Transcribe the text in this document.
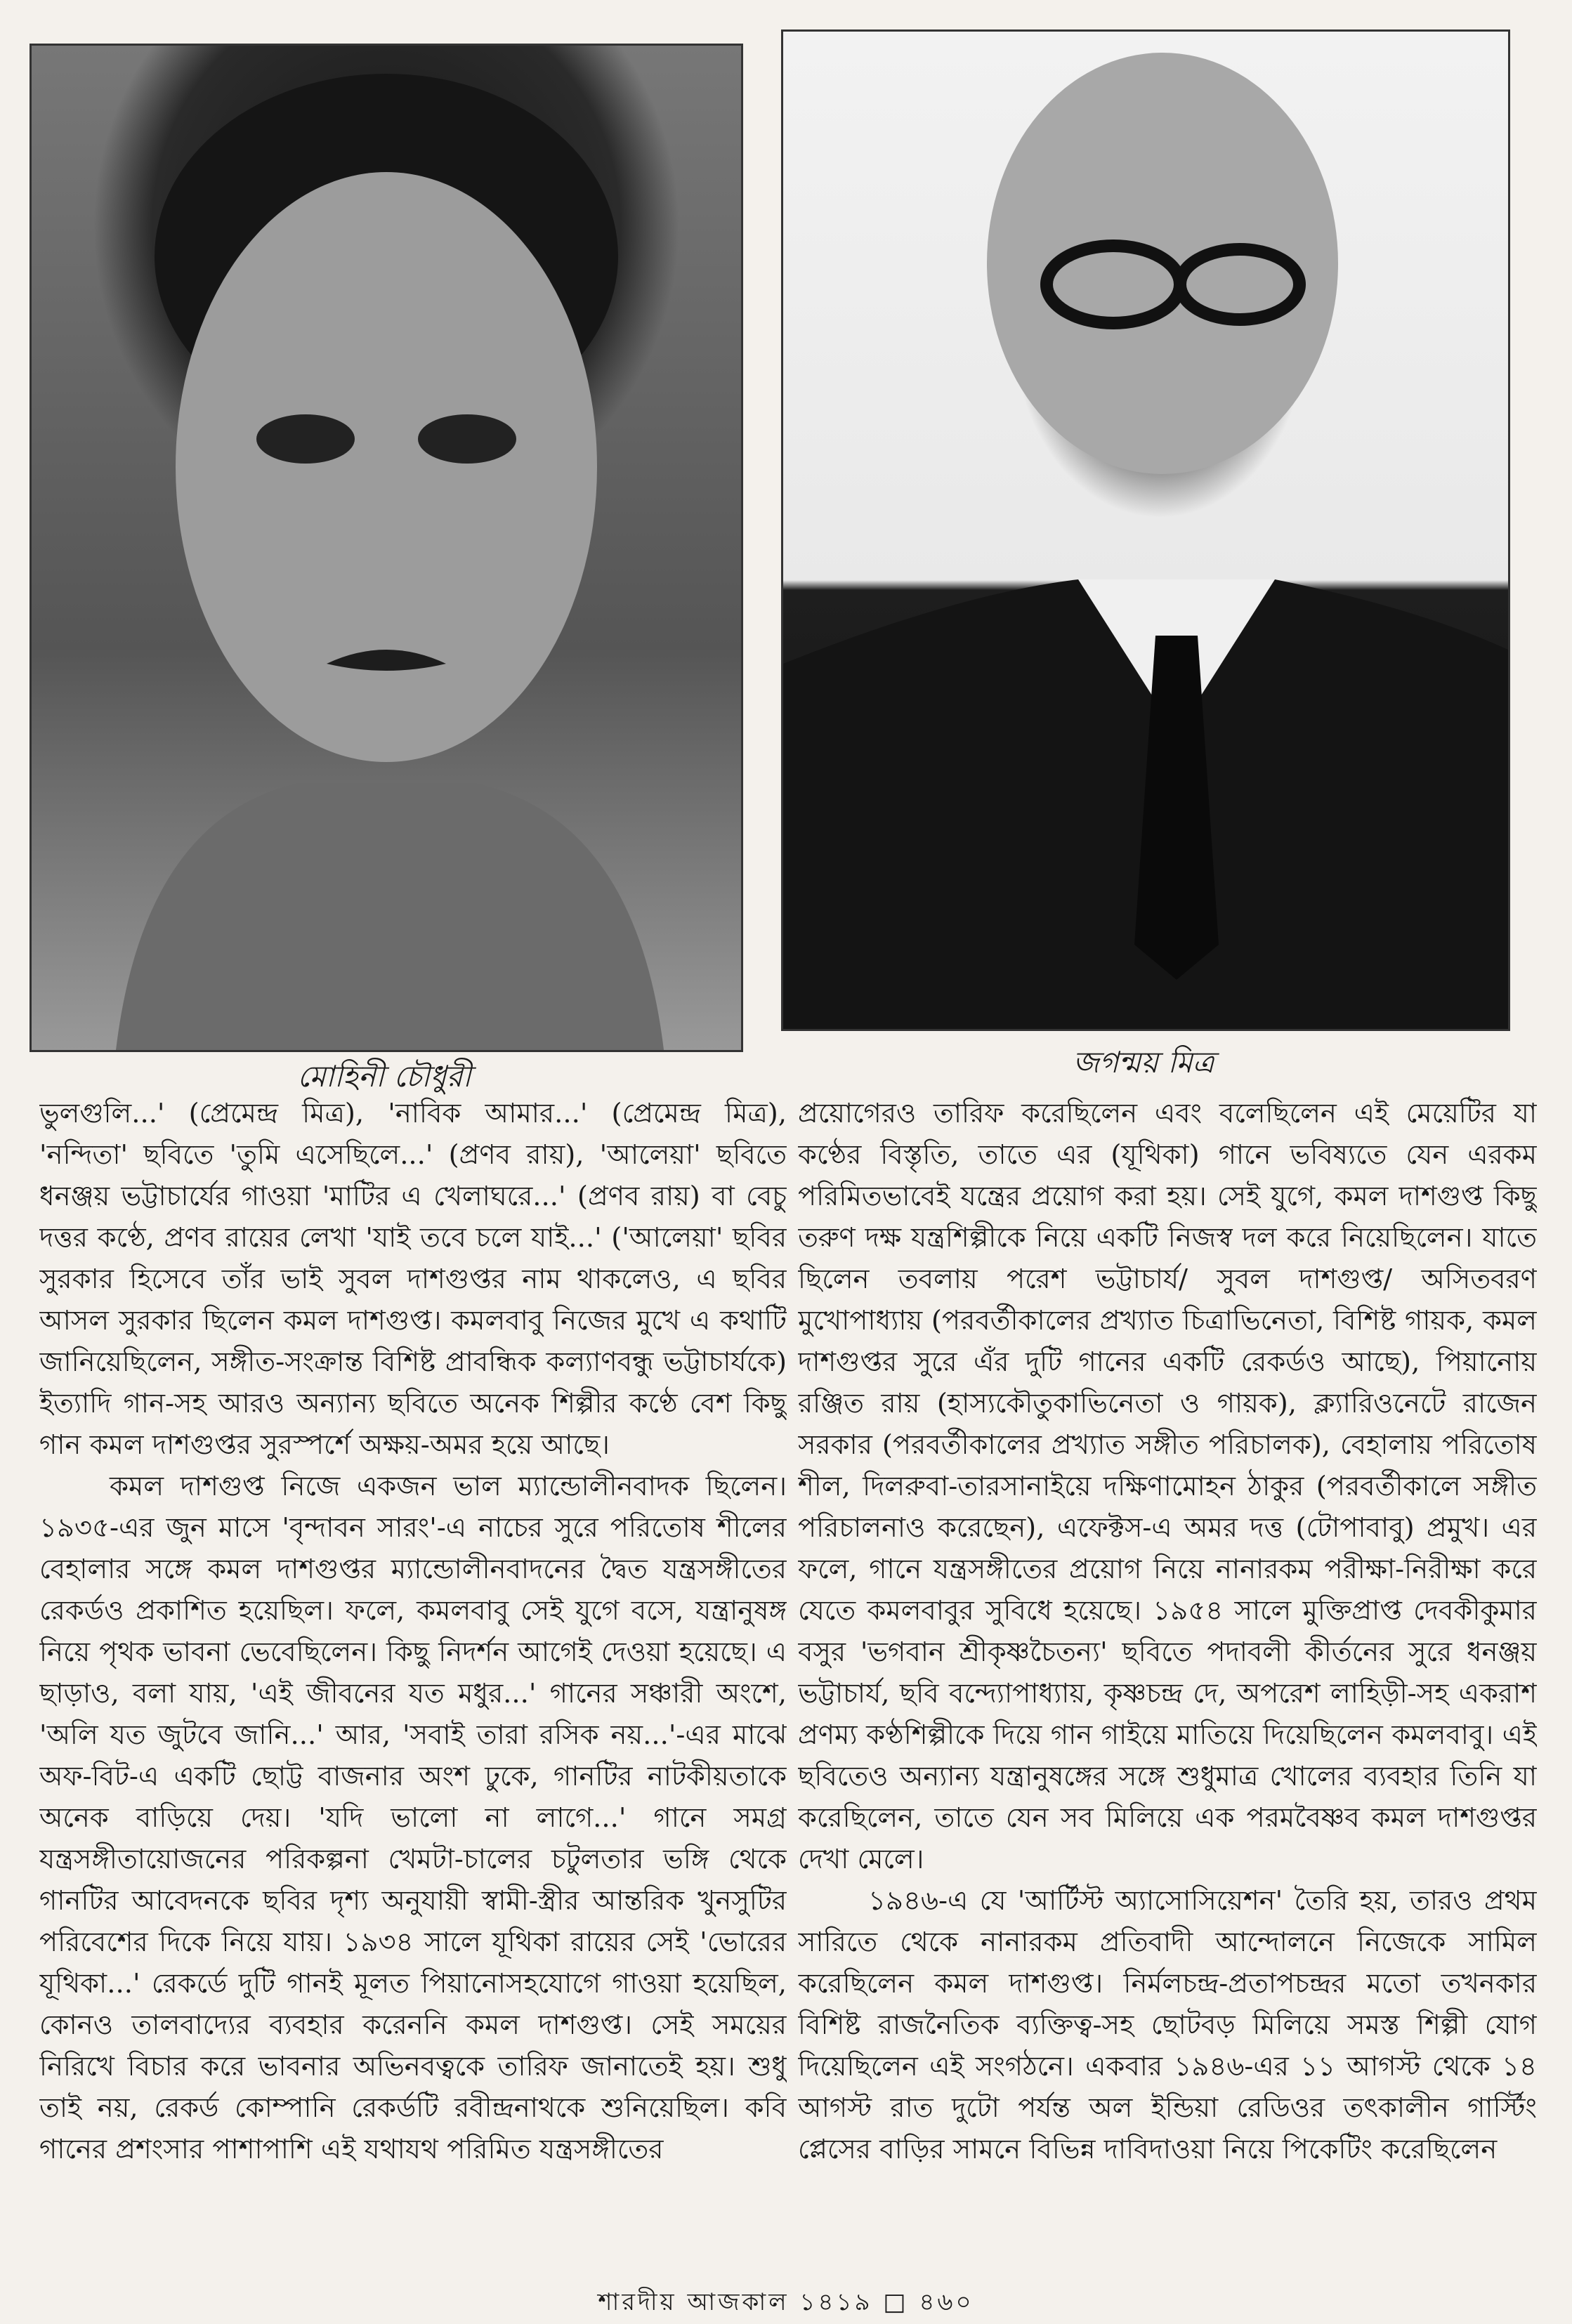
মোহিনী চৌধুরী	জগন্ময় মিত্র

ভুলগুলি...' (প্রেমেন্দ্র মিত্র), 'নাবিক আমার...' (প্রেমেন্দ্র মিত্র), 'নন্দিতা' ছবিতে 'তুমি এসেছিলে...' (প্রণব রায়), 'আলেয়া' ছবিতে ধনঞ্জয় ভট্টাচার্যের গাওয়া 'মাটির এ খেলাঘরে...' (প্রণব রায়) বা বেচু দত্তর কণ্ঠে, প্রণব রায়ের লেখা 'যাই তবে চলে যাই...' ('আলেয়া' ছবির সুরকার হিসেবে তাঁর ভাই সুবল দাশগুপ্তর নাম থাকলেও, এ ছবির আসল সুরকার ছিলেন কমল দাশগুপ্ত। কমলবাবু নিজের মুখে এ কথাটি জানিয়েছিলেন, সঙ্গীত-সংক্রান্ত বিশিষ্ট প্রাবন্ধিক কল্যাণবন্ধু ভট্টাচার্যকে) ইত্যাদি গান-সহ আরও অন্যান্য ছবিতে অনেক শিল্পীর কণ্ঠে বেশ কিছু গান কমল দাশগুপ্তর সুরস্পর্শে অক্ষয়-অমর হয়ে আছে।

কমল দাশগুপ্ত নিজে একজন ভাল ম্যান্ডোলীনবাদক ছিলেন। ১৯৩৫-এর জুন মাসে 'বৃন্দাবন সারং'-এ নাচের সুরে পরিতোষ শীলের বেহালার সঙ্গে কমল দাশগুপ্তর ম্যান্ডোলীনবাদনের দ্বৈত যন্ত্রসঙ্গীতের রেকর্ডও প্রকাশিত হয়েছিল। ফলে, কমলবাবু সেই যুগে বসে, যন্ত্রানুষঙ্গ নিয়ে পৃথক ভাবনা ভেবেছিলেন। কিছু নিদর্শন আগেই দেওয়া হয়েছে। এ ছাড়াও, বলা যায়, 'এই জীবনের যত মধুর...' গানের সঞ্চারী অংশে, 'অলি যত জুটবে জানি...' আর, 'সবাই তারা রসিক নয়...'-এর মাঝে অফ-বিট-এ একটি ছোট্ট বাজনার অংশ ঢুকে, গানটির নাটকীয়তাকে অনেক বাড়িয়ে দেয়। 'যদি ভালো না লাগে...' গানে সমগ্র যন্ত্রসঙ্গীতায়োজনের পরিকল্পনা খেমটা-চালের চটুলতার ভঙ্গি থেকে গানটির আবেদনকে ছবির দৃশ্য অনুযায়ী স্বামী-স্ত্রীর আন্তরিক খুনসুটির পরিবেশের দিকে নিয়ে যায়। ১৯৩৪ সালে যূথিকা রায়ের সেই 'ভোরের যূথিকা...' রেকর্ডে দুটি গানই মূলত পিয়ানোসহযোগে গাওয়া হয়েছিল, কোনও তালবাদ্যের ব্যবহার করেননি কমল দাশগুপ্ত। সেই সময়ের নিরিখে বিচার করে ভাবনার অভিনবত্বকে তারিফ জানাতেই হয়। শুধু তাই নয়, রেকর্ড কোম্পানি রেকর্ডটি রবীন্দ্রনাথকে শুনিয়েছিল। কবি গানের প্রশংসার পাশাপাশি এই যথাযথ পরিমিত যন্ত্রসঙ্গীতের

প্রয়োগেরও তারিফ করেছিলেন এবং বলেছিলেন এই মেয়েটির যা কণ্ঠের বিস্তৃতি, তাতে এর (যূথিকা) গানে ভবিষ্যতে যেন এরকম পরিমিতভাবেই যন্ত্রের প্রয়োগ করা হয়। সেই যুগে, কমল দাশগুপ্ত কিছু তরুণ দক্ষ যন্ত্রশিল্পীকে নিয়ে একটি নিজস্ব দল করে নিয়েছিলেন। যাতে ছিলেন তবলায় পরেশ ভট্টাচার্য/ সুবল দাশগুপ্ত/ অসিতবরণ মুখোপাধ্যায় (পরবর্তীকালের প্রখ্যাত চিত্রাভিনেতা, বিশিষ্ট গায়ক, কমল দাশগুপ্তর সুরে এঁর দুটি গানের একটি রেকর্ডও আছে), পিয়ানোয় রঞ্জিত রায় (হাস্যকৌতুকাভিনেতা ও গায়ক), ক্ল্যারিওনেটে রাজেন সরকার (পরবর্তীকালের প্রখ্যাত সঙ্গীত পরিচালক), বেহালায় পরিতোষ শীল, দিলরুবা-তারসানাইয়ে দক্ষিণামোহন ঠাকুর (পরবর্তীকালে সঙ্গীত পরিচালনাও করেছেন), এফেক্টস-এ অমর দত্ত (টোপাবাবু) প্রমুখ। এর ফলে, গানে যন্ত্রসঙ্গীতের প্রয়োগ নিয়ে নানারকম পরীক্ষা-নিরীক্ষা করে যেতে কমলবাবুর সুবিধে হয়েছে। ১৯৫৪ সালে মুক্তিপ্রাপ্ত দেবকীকুমার বসুর 'ভগবান শ্রীকৃষ্ণচৈতন্য' ছবিতে পদাবলী কীর্তনের সুরে ধনঞ্জয় ভট্টাচার্য, ছবি বন্দ্যোপাধ্যায়, কৃষ্ণচন্দ্র দে, অপরেশ লাহিড়ী-সহ একরাশ প্রণম্য কণ্ঠশিল্পীকে দিয়ে গান গাইয়ে মাতিয়ে দিয়েছিলেন কমলবাবু। এই ছবিতেও অন্যান্য যন্ত্রানুষঙ্গের সঙ্গে শুধুমাত্র খোলের ব্যবহার তিনি যা করেছিলেন, তাতে যেন সব মিলিয়ে এক পরমবৈষ্ণব কমল দাশগুপ্তর দেখা মেলে।

১৯৪৬-এ যে 'আর্টিস্ট অ্যাসোসিয়েশন' তৈরি হয়, তারও প্রথম সারিতে থেকে নানারকম প্রতিবাদী আন্দোলনে নিজেকে সামিল করেছিলেন কমল দাশগুপ্ত। নির্মলচন্দ্র-প্রতাপচন্দ্রর মতো তখনকার বিশিষ্ট রাজনৈতিক ব্যক্তিত্ব-সহ ছোটবড় মিলিয়ে সমস্ত শিল্পী যোগ দিয়েছিলেন এই সংগঠনে। একবার ১৯৪৬-এর ১১ আগস্ট থেকে ১৪ আগস্ট রাত দুটো পর্যন্ত অল ইন্ডিয়া রেডিওর তৎকালীন গার্স্টিং প্লেসের বাড়ির সামনে বিভিন্ন দাবিদাওয়া নিয়ে পিকেটিং করেছিলেন

শারদীয় আজকাল ১৪১৯ □ ৪৬০
